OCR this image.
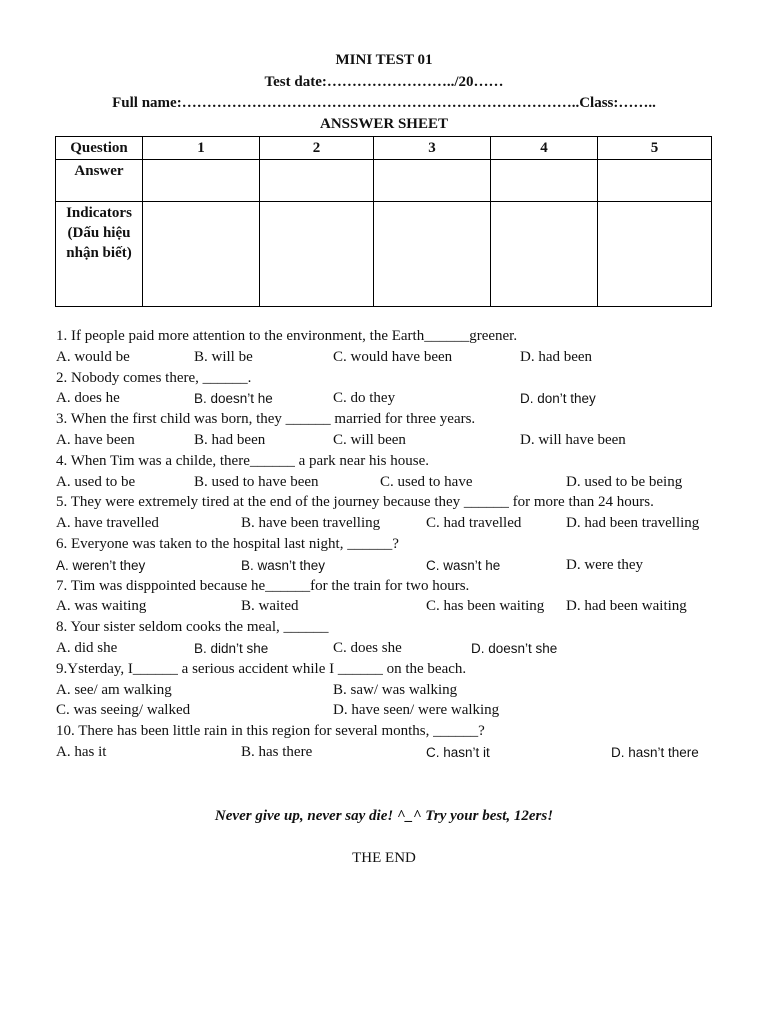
MINI TEST 01
Test date:……………………../20……
Full name:……………………………………………………………………..Class:……..
ANSSWER SHEET
Question	1	2	3	4	5
Answer					
Indicators (Dấu hiệu nhận biết)					
1. If people paid more attention to the environment, the Earth______greener.
A. would be	B. will be	C. would have been	D. had been
2. Nobody comes there, ______.
A. does he	B. doesn’t he	C. do they	D. don’t they
3. When the first child was born, they ______ married for three years.
A. have been	B. had been	C. will been	D. will have been
4. When Tim was a childe, there______ a park near his house.
A. used to be	B. used to have been	C. used to have	D. used to be being
5. They were extremely tired at the end of the journey because they ______ for more than 24 hours.
A. have travelled	B. have been travelling	C. had travelled	D. had been travelling
6. Everyone was taken to the hospital last night, ______?
A. weren’t they	B. wasn’t they	C. wasn’t he	D. were they
7. Tim was disppointed because he______for the train for two hours.
A. was waiting	B. waited	C. has been waiting D. had been waiting
8. Your sister seldom cooks the meal, ______
A. did she	B. didn’t she	C. does she	D. doesn’t she
9.Ysterday, I______ a serious accident while I ______ on the beach.
A. see/ am walking	B. saw/ was walking
C. was seeing/ walked	D. have seen/ were walking
10. There has been little rain in this region for several months, ______?
A. has it	B. has there	C. hasn’t it	D. hasn’t there
Never give up, never say die! ^_^ Try your best, 12ers!
THE END
